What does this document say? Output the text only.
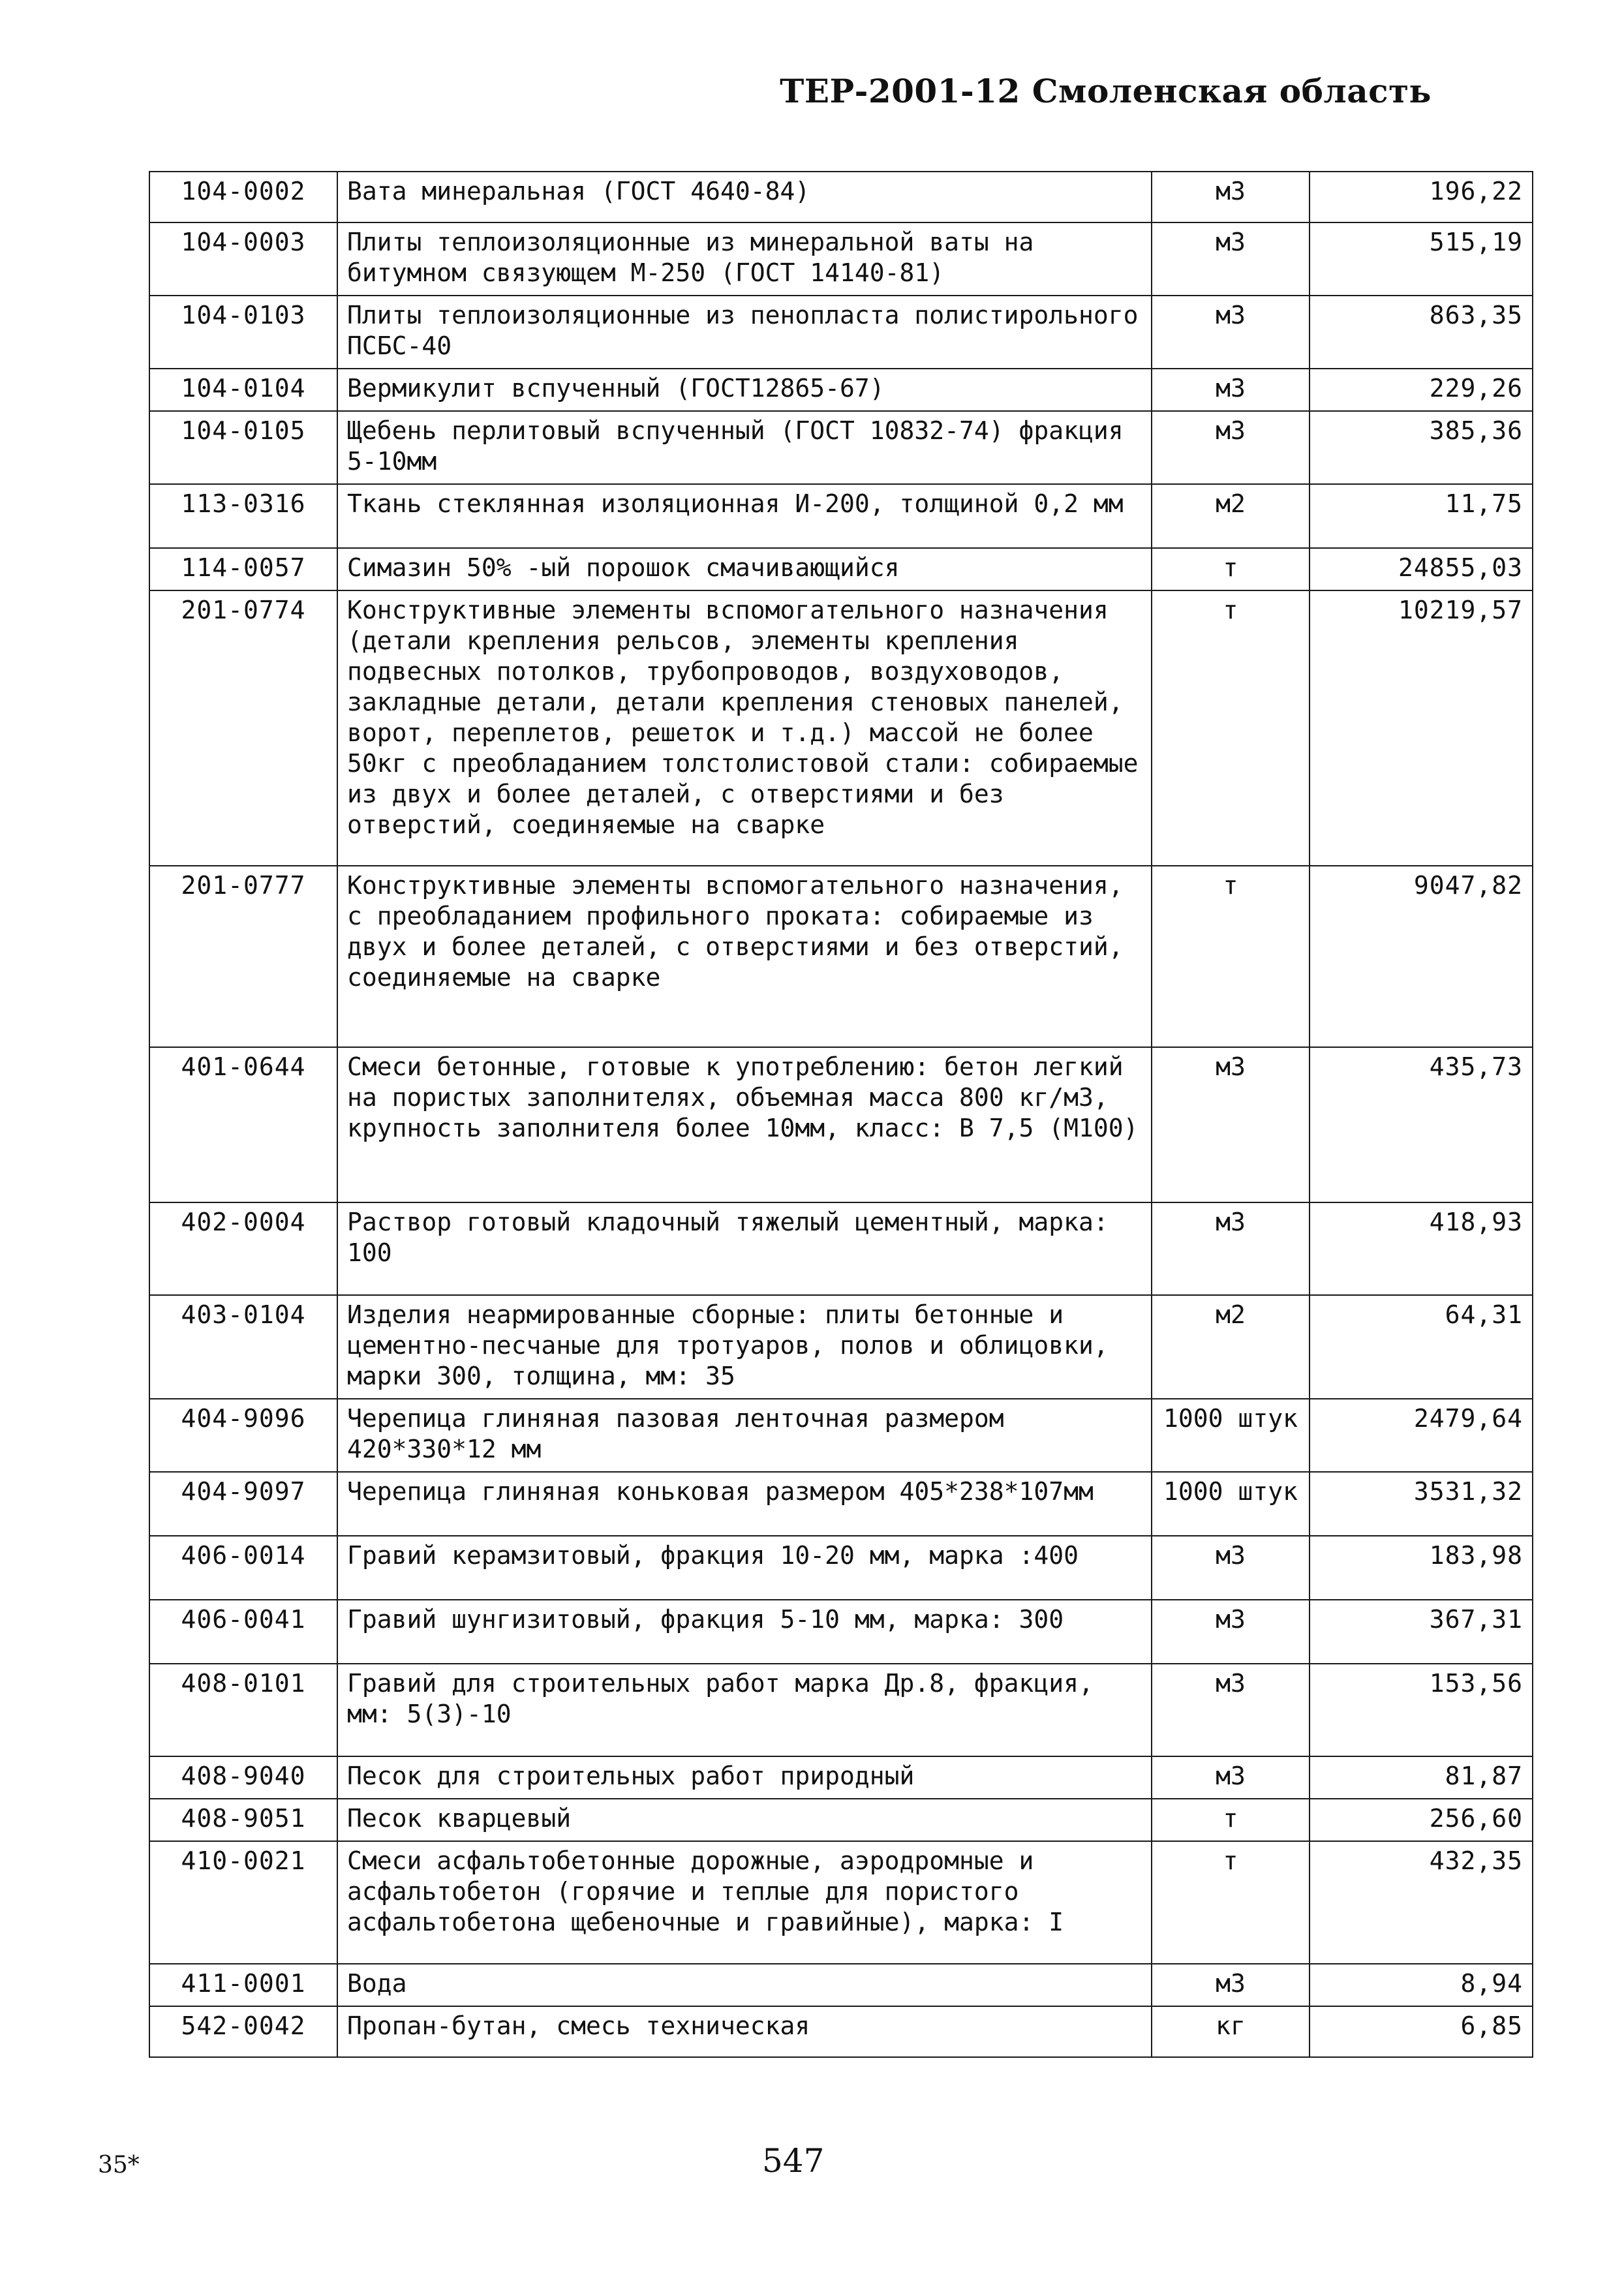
ТЕР-2001-12 Смоленская область
104-0002	Вата минеральная (ГОСТ 4640-84)	м3	196,22
104-0003	Плиты теплоизоляционные из минеральной ваты на битумном связующем М-250 (ГОСТ 14140-81)	м3	515,19
104-0103	Плиты теплоизоляционные из пенопласта полистирольного ПСБС-40	м3	863,35
104-0104	Вермикулит вспученный (ГОСТ12865-67)	м3	229,26
104-0105	Щебень перлитовый вспученный (ГОСТ 10832-74) фракция 5-10мм	м3	385,36
113-0316	Ткань стеклянная изоляционная И-200, толщиной 0,2 мм	м2	11,75
114-0057	Симазин 50% -ый порошок смачивающийся	т	24855,03
201-0774	Конструктивные элементы вспомогательного назначения (детали крепления рельсов, элементы крепления подвесных потолков, трубопроводов, воздуховодов, закладные детали, детали крепления стеновых панелей, ворот, переплетов, решеток и т.д.) массой не более 50кг с преобладанием толстолистовой стали: собираемые из двух и более деталей, с отверстиями и без отверстий, соединяемые на сварке	т	10219,57
201-0777	Конструктивные элементы вспомогательного назначения, с преобладанием профильного проката: собираемые из двух и более деталей, с отверстиями и без отверстий, соединяемые на сварке	т	9047,82
401-0644	Смеси бетонные, готовые к употреблению: бетон легкий на пористых заполнителях, объемная масса 800 кг/м3, крупность заполнителя более 10мм, класс: В 7,5 (М100)	м3	435,73
402-0004	Раствор готовый кладочный тяжелый цементный, марка: 100	м3	418,93
403-0104	Изделия неармированные сборные: плиты бетонные и цементно-песчаные для тротуаров, полов и облицовки, марки 300, толщина, мм: 35	м2	64,31
404-9096	Черепица глиняная пазовая ленточная размером 420*330*12 мм	1000 штук	2479,64
404-9097	Черепица глиняная коньковая размером 405*238*107мм	1000 штук	3531,32
406-0014	Гравий керамзитовый, фракция 10-20 мм, марка :400	м3	183,98
406-0041	Гравий шунгизитовый, фракция 5-10 мм, марка: 300	м3	367,31
408-0101	Гравий для строительных работ марка Др.8, фракция, мм: 5(3)-10	м3	153,56
408-9040	Песок для строительных работ природный	м3	81,87
408-9051	Песок кварцевый	т	256,60
410-0021	Смеси асфальтобетонные дорожные, аэродромные и асфальтобетон (горячие и теплые для пористого асфальтобетона щебеночные и гравийные), марка: I	т	432,35
411-0001	Вода	м3	8,94
542-0042	Пропан-бутан, смесь техническая	кг	6,85
35*	547
